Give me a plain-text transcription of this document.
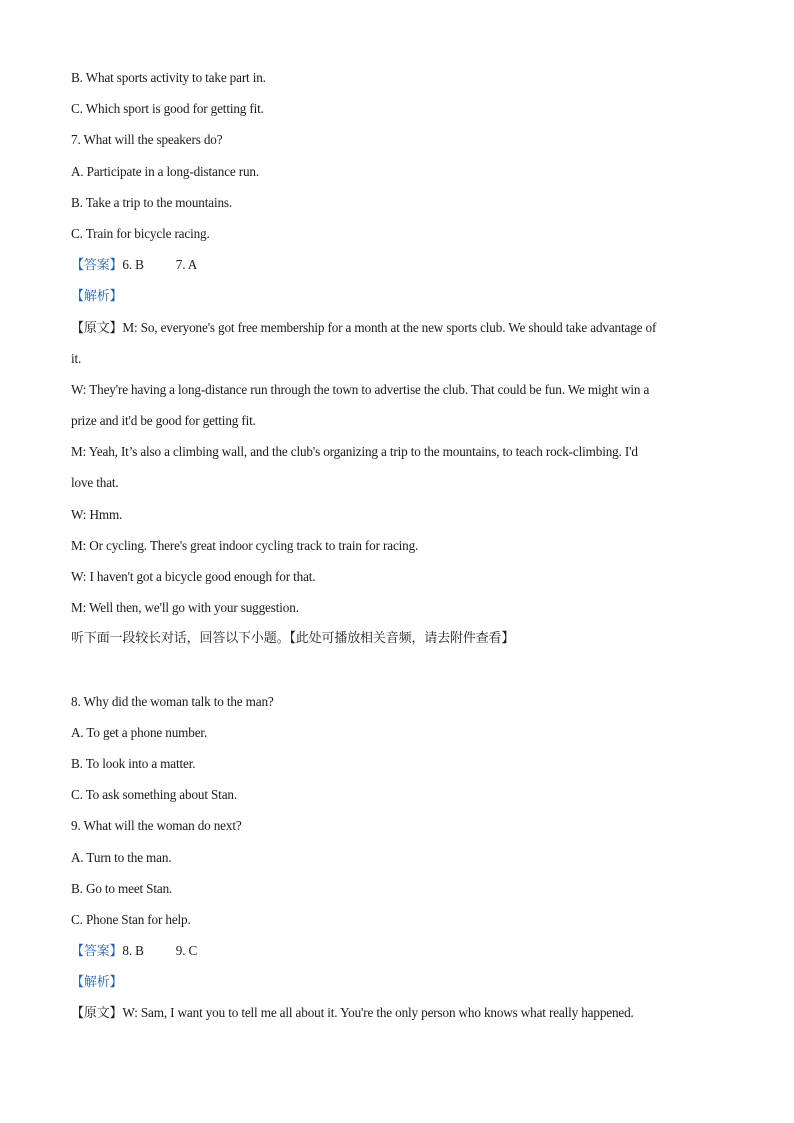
B. What sports activity to take part in.
C. Which sport is good for getting fit.
7. What will the speakers do?
A. Participate in a long-distance run.
B. Take a trip to the mountains.
C. Train for bicycle racing.
【答案】6. B 7. A
【解析】
【原文】M: So, everyone's got free membership for a month at the new sports club. We should take advantage of
it.
W: They're having a long-distance run through the town to advertise the club. That could be fun. We might win a
prize and it'd be good for getting fit.
M: Yeah, It’s also a climbing wall, and the club's organizing a trip to the mountains, to teach rock-climbing. I'd
love that.
W: Hmm.
M: Or cycling. There's great indoor cycling track to train for racing.
W: I haven't got a bicycle good enough for that.
M: Well then, we'll go with your suggestion.
听下面一段较长对话，回答以下小题。【此处可播放相关音频，请去附件查看】
8. Why did the woman talk to the man?
A. To get a phone number.
B. To look into a matter.
C. To ask something about Stan.
9. What will the woman do next?
A. Turn to the man.
B. Go to meet Stan.
C. Phone Stan for help.
【答案】8. B 9. C
【解析】
【原文】W: Sam, I want you to tell me all about it. You're the only person who knows what really happened.
